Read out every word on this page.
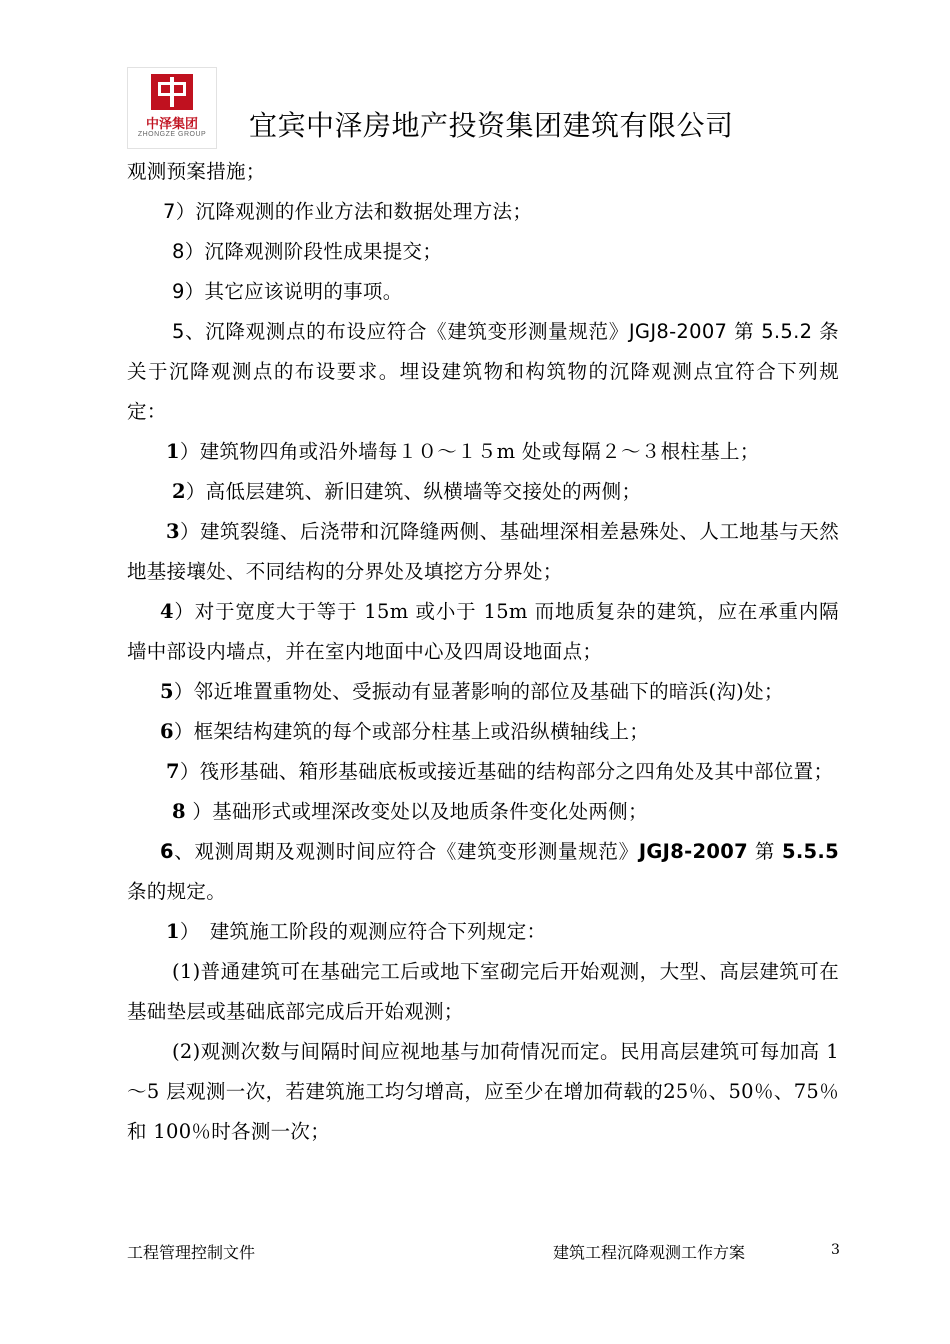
中泽集团
ZHONGZE GROUP	宜宾中泽房地产投资集团建筑有限公司

观测预案措施；

7）沉降观测的作业方法和数据处理方法；

8）沉降观测阶段性成果提交；

9）其它应该说明的事项。

5、沉降观测点的布设应符合《建筑变形测量规范》JGJ8-2007 第 5.5.2 条关于沉降观测点的布设要求。埋设建筑物和构筑物的沉降观测点宜符合下列规定：

1）建筑物四角或沿外墙每１０～１５m 处或每隔２～３根柱基上；

2）高低层建筑、新旧建筑、纵横墙等交接处的两侧；

3）建筑裂缝、后浇带和沉降缝两侧、基础埋深相差悬殊处、人工地基与天然地基接壤处、不同结构的分界处及填挖方分界处；

4）对于宽度大于等于 15m 或小于 15m 而地质复杂的建筑，应在承重内隔墙中部设内墙点，并在室内地面中心及四周设地面点；

5）邻近堆置重物处、受振动有显著影响的部位及基础下的暗浜(沟)处；

6）框架结构建筑的每个或部分柱基上或沿纵横轴线上；

7）筏形基础、箱形基础底板或接近基础的结构部分之四角处及其中部位置；

8 ）基础形式或埋深改变处以及地质条件变化处两侧；

6、观测周期及观测时间应符合《建筑变形测量规范》JGJ8-2007 第 5.5.5 条的规定。

1）　建筑施工阶段的观测应符合下列规定：

(1)普通建筑可在基础完工后或地下室砌完后开始观测，大型、高层建筑可在基础垫层或基础底部完成后开始观测；

(2)观测次数与间隔时间应视地基与加荷情况而定。民用高层建筑可每加高 1～5 层观测一次，若建筑施工均匀增高，应至少在增加荷载的25％、50％、75％和 100％时各测一次；

工程管理控制文件	建筑工程沉降观测工作方案	3
